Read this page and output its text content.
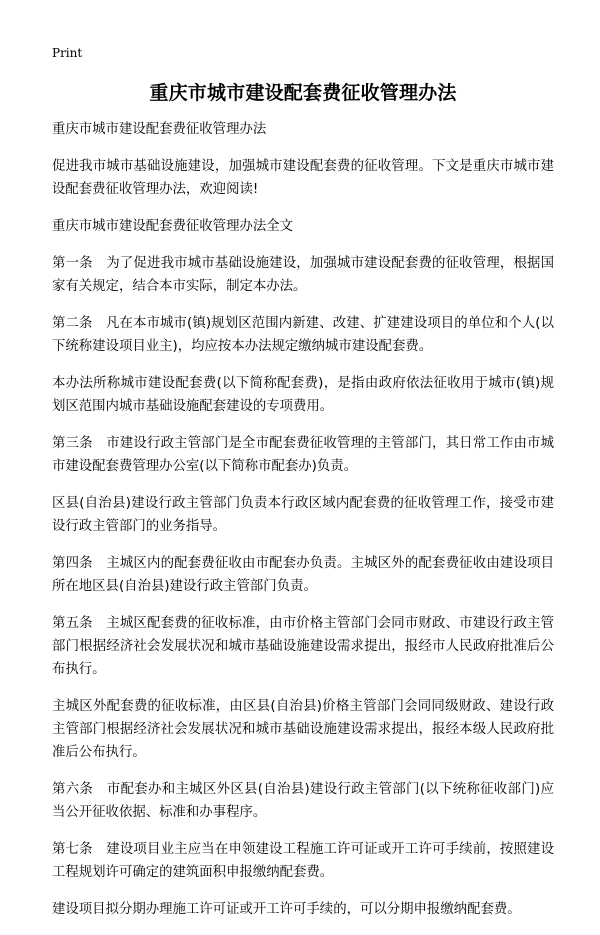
Print
重庆市城市建设配套费征收管理办法

重庆市城市建设配套费征收管理办法

促进我市城市基础设施建设，加强城市建设配套费的征收管理。下文是重庆市城市建设配套费征收管理办法，欢迎阅读!

重庆市城市建设配套费征收管理办法全文

第一条　为了促进我市城市基础设施建设，加强城市建设配套费的征收管理，根据国家有关规定，结合本市实际，制定本办法。

第二条　凡在本市城市(镇)规划区范围内新建、改建、扩建建设项目的单位和个人(以下统称建设项目业主)，均应按本办法规定缴纳城市建设配套费。

本办法所称城市建设配套费(以下简称配套费)，是指由政府依法征收用于城市(镇)规划区范围内城市基础设施配套建设的专项费用。

第三条　市建设行政主管部门是全市配套费征收管理的主管部门，其日常工作由市城市建设配套费管理办公室(以下简称市配套办)负责。

区县(自治县)建设行政主管部门负责本行政区域内配套费的征收管理工作，接受市建设行政主管部门的业务指导。

第四条　主城区内的配套费征收由市配套办负责。主城区外的配套费征收由建设项目所在地区县(自治县)建设行政主管部门负责。

第五条　主城区配套费的征收标准，由市价格主管部门会同市财政、市建设行政主管部门根据经济社会发展状况和城市基础设施建设需求提出，报经市人民政府批准后公布执行。

主城区外配套费的征收标准，由区县(自治县)价格主管部门会同同级财政、建设行政主管部门根据经济社会发展状况和城市基础设施建设需求提出，报经本级人民政府批准后公布执行。

第六条　市配套办和主城区外区县(自治县)建设行政主管部门(以下统称征收部门)应当公开征收依据、标准和办事程序。

第七条　建设项目业主应当在申领建设工程施工许可证或开工许可手续前，按照建设工程规划许可确定的建筑面积申报缴纳配套费。

建设项目拟分期办理施工许可证或开工许可手续的，可以分期申报缴纳配套费。
